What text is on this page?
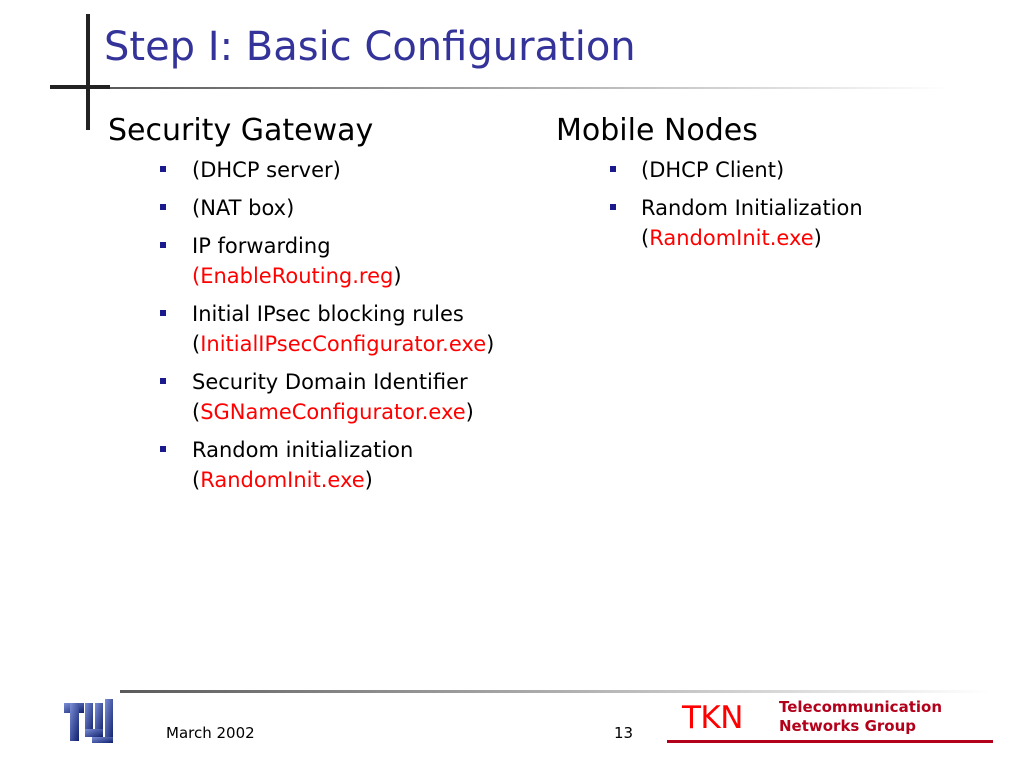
Step I: Basic Configuration
Security Gateway
(DHCP server)
(NAT box)
IP forwarding
(EnableRouting.reg)
Initial IPsec blocking rules
(InitialIPsecConfigurator.exe)
Security Domain Identifier
(SGNameConfigurator.exe)
Random initialization
(RandomInit.exe)
Mobile Nodes
(DHCP Client)
Random Initialization
(RandomInit.exe)
March 2002	13 TKN Telecommunication
Networks Group
